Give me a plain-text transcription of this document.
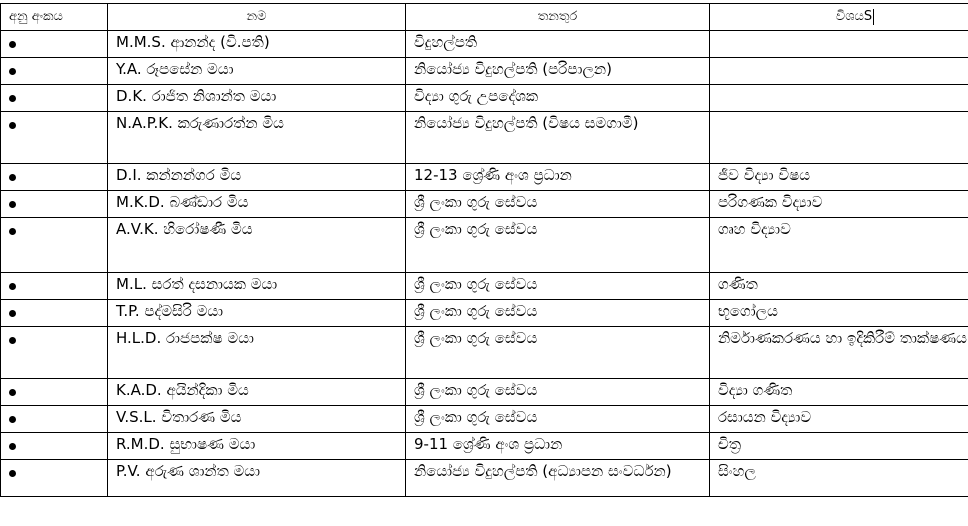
අනු අංකය	නම	තනතුර	විශයS
	M.M.S. ආනන්ද (වි.පති)	විදුහල්පති	
	Y.A. රූපසේන මයා	නියෝජ්‍ය විදුහල්පති (පරිපාලන)	
	D.K. රාජිත නිශාන්ත මයා	විද්‍යා ගුරු උපදේශක	
	N.A.P.K. කරුණාරත්න මිය	නියෝජ්‍ය විදුහල්පති (විෂය සමගාමී)	
	D.I. කන්නන්ගර මිය	12-13 ශ්‍රේණි අංශ ප්‍රධාන	ජීව විද්‍යා විෂය
	M.K.D. බණ්ඩාර මිය	ශ්‍රී ලංකා ගුරු සේවය	පරිගණක විද්‍යාව
	A.V.K. හිරෝෂණී මිය	ශ්‍රී ලංකා ගුරු සේවය	ගෘහ විද්‍යාව
	M.L. සරත් දසනායක මයා	ශ්‍රී ලංකා ගුරු සේවය	ගණිත
	T.P. පද්මසිරි මයා	ශ්‍රී ලංකා ගුරු සේවය	භූගෝලය
	H.L.D. රාජපක්ෂ මයා	ශ්‍රී ලංකා ගුරු සේවය	නිර්මාණකරණය හා ඉදිකිරීම් තාක්ෂණය
	K.A.D. අයින්දිකා මිය	ශ්‍රී ලංකා ගුරු සේවය	විද්‍යා ගණිත
	V.S.L. විතාරණ මිය	ශ්‍රී ලංකා ගුරු සේවය	රසායන විද්‍යාව
	R.M.D. සුභාෂණ මයා	9-11 ශ්‍රේණි අංශ ප්‍රධාන	චිත්‍ර
	P.V. අරුණ ශාන්ත මයා	නියෝජ්‍ය විදුහල්පති (අධ්‍යාපන සංවර්ධන)	සිංහල
